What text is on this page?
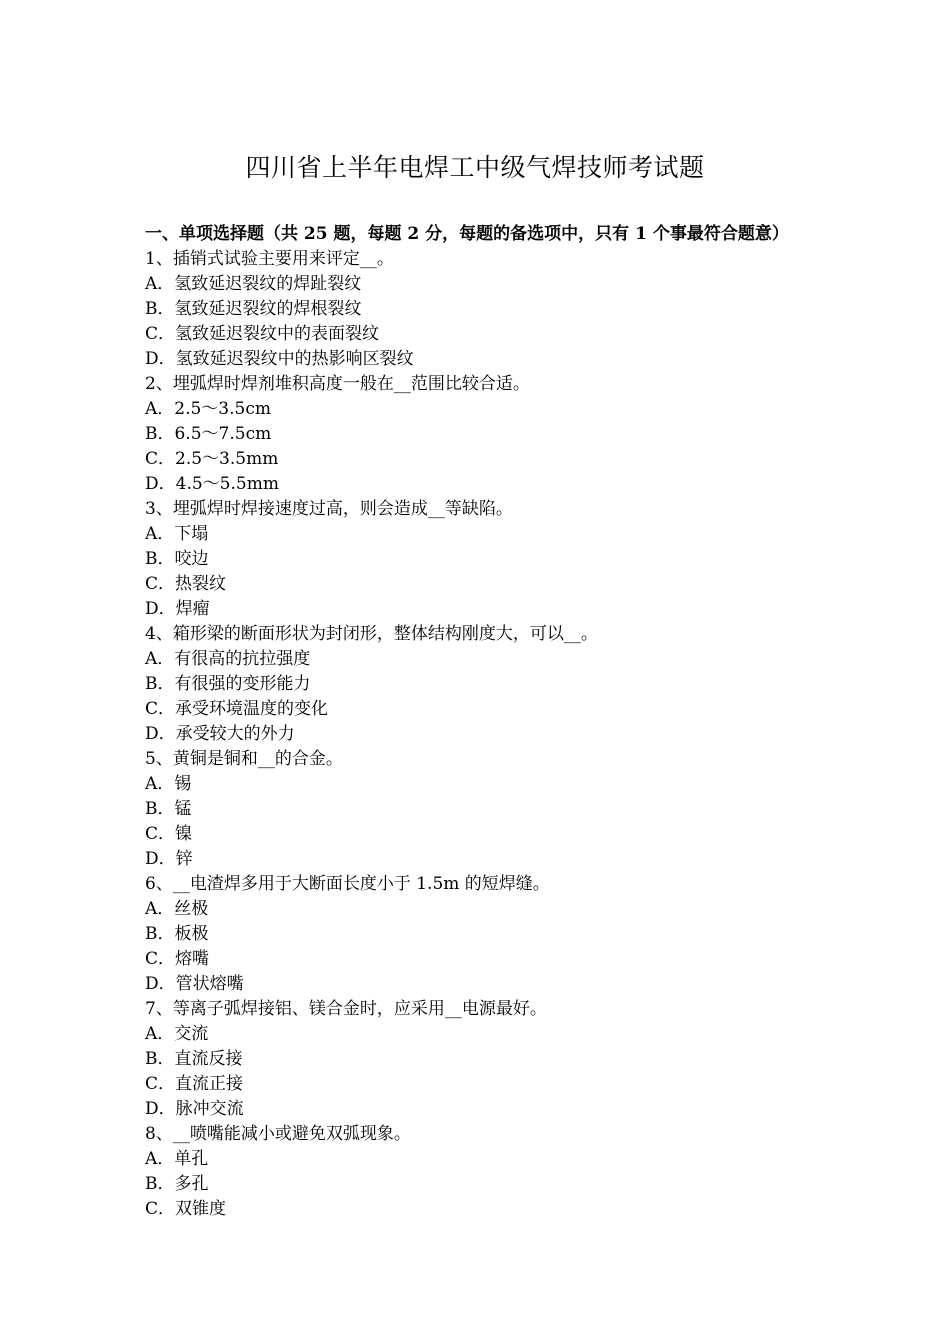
四川省上半年电焊工中级气焊技师考试题
一、单项选择题（共 25 题，每题 2 分，每题的备选项中，只有 1 个事最符合题意）
1、插销式试验主要用来评定__。
A．氢致延迟裂纹的焊趾裂纹
B．氢致延迟裂纹的焊根裂纹
C．氢致延迟裂纹中的表面裂纹
D．氢致延迟裂纹中的热影响区裂纹
2、埋弧焊时焊剂堆积高度一般在__范围比较合适。
A．2.5～3.5cm
B．6.5～7.5cm
C．2.5～3.5mm
D．4.5～5.5mm
3、埋弧焊时焊接速度过高，则会造成__等缺陷。
A．下塌
B．咬边
C．热裂纹
D．焊瘤
4、箱形梁的断面形状为封闭形，整体结构刚度大，可以__。
A．有很高的抗拉强度
B．有很强的变形能力
C．承受环境温度的变化
D．承受较大的外力
5、黄铜是铜和__的合金。
A．锡
B．锰
C．镍
D．锌
6、__电渣焊多用于大断面长度小于 1.5m 的短焊缝。
A．丝极
B．板极
C．熔嘴
D．管状熔嘴
7、等离子弧焊接铝、镁合金时，应采用__电源最好。
A．交流
B．直流反接
C．直流正接
D．脉冲交流
8、__喷嘴能减小或避免双弧现象。
A．单孔
B．多孔
C．双锥度
